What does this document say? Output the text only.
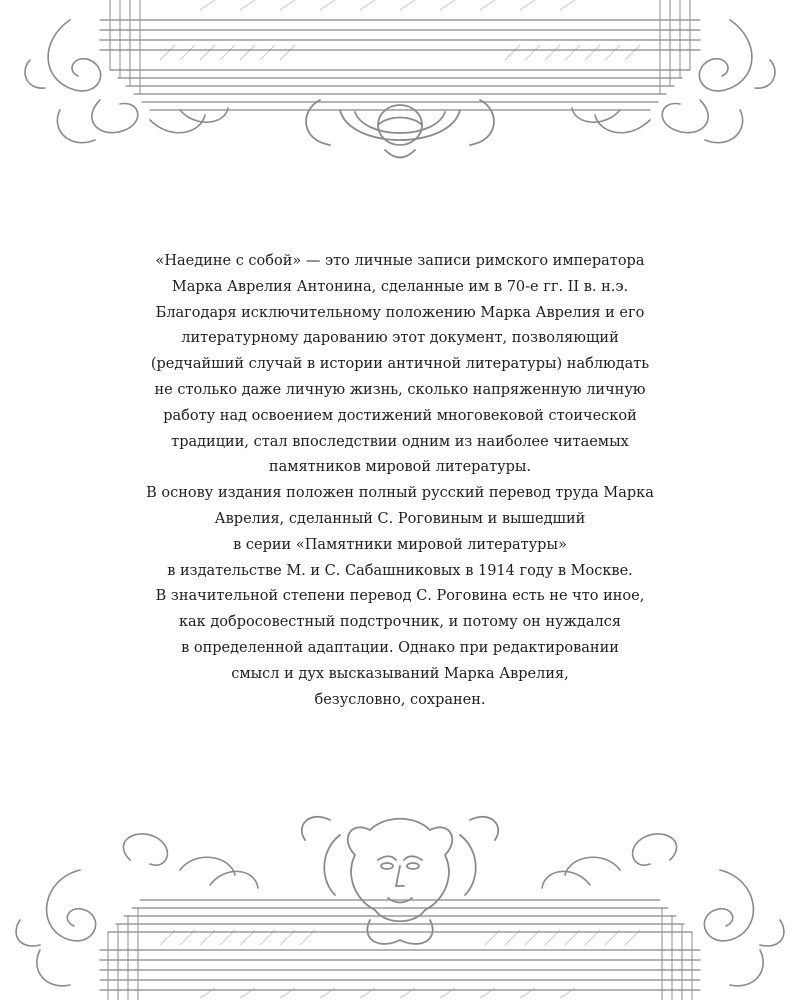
«Наедине с собой» — это личные записи римского императора
Марка Аврелия Антонина, сделанные им в 70-е гг. II в. н.э.
Благодаря исключительному положению Марка Аврелия и его
литературному дарованию этот документ, позволяющий
(редчайший случай в истории античной литературы) наблюдать
не столько даже личную жизнь, сколько напряженную личную
работу над освоением достижений многовековой стоической
традиции, стал впоследствии одним из наиболее читаемых
памятников мировой литературы.
В основу издания положен полный русский перевод труда Марка
Аврелия, сделанный С. Роговиным и вышедший
в серии «Памятники мировой литературы»
в издательстве М. и С. Сабашниковых в 1914 году в Москве.
В значительной степени перевод С. Роговина есть не что иное,
как добросовестный подстрочник, и потому он нуждался
в определенной адаптации. Однако при редактировании
смысл и дух высказываний Марка Аврелия,
безусловно, сохранен.
